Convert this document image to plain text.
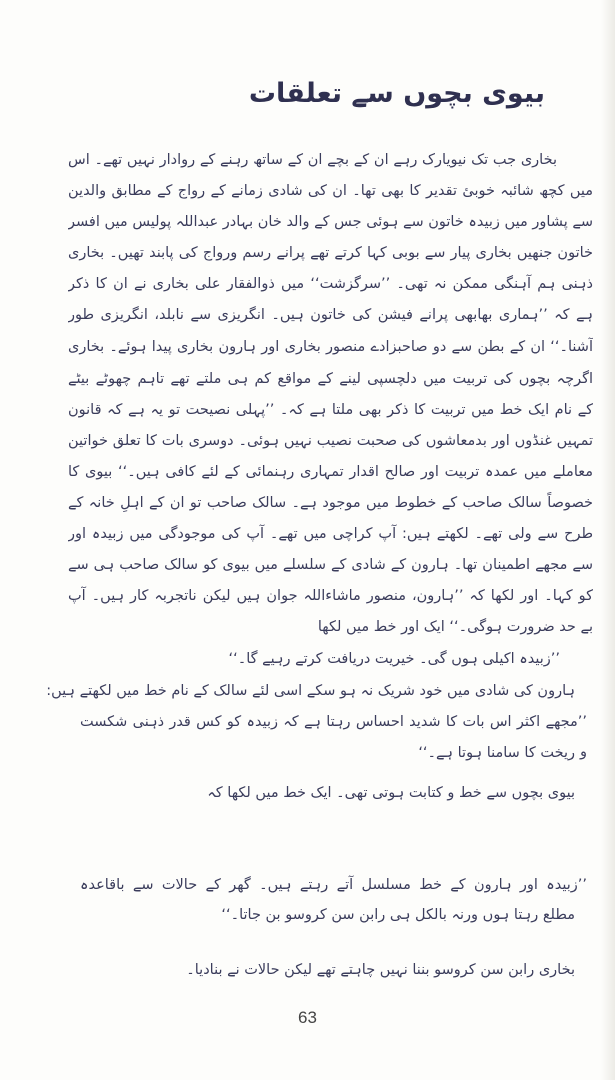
بیوی بچوں سے تعلقات
بخاری جب تک نیویارک رہے ان کے بچے ان کے ساتھ رہنے کے روادار نہیں تھے۔ اس
میں کچھ شائبہ خوبیٔ تقدیر کا بھی تھا۔ ان کی شادی زمانے کے رواج کے مطابق والدین
سے پشاور میں زبیدہ خاتون سے ہوئی جس کے والد خان بہادر عبداللہ پولیس میں افسر
خاتون جنھیں بخاری پیار سے بوبی کہا کرتے تھے پرانے رسم ورواج کی پابند تھیں۔ بخاری
ذہنی ہم آہنگی ممکن نہ تھی۔ ’’سرگزشت‘‘ میں ذوالفقار علی بخاری نے ان کا ذکر
ہے کہ ’’ہماری بھابھی پرانے فیشن کی خاتون ہیں۔ انگریزی سے نابلد، انگریزی طور
آشنا۔‘‘ ان کے بطن سے دو صاحبزادے منصور بخاری اور ہارون بخاری پیدا ہوئے۔ بخاری
اگرچہ بچوں کی تربیت میں دلچسپی لینے کے مواقع کم ہی ملتے تھے تاہم چھوٹے بیٹے
کے نام ایک خط میں تربیت کا ذکر بھی ملتا ہے کہ۔ ’’پہلی نصیحت تو یہ ہے کہ قانون
تمہیں غنڈوں اور بدمعاشوں کی صحبت نصیب نہیں ہوئی۔ دوسری بات کا تعلق خواتین
معاملے میں عمدہ تربیت اور صالح اقدار تمہاری رہنمائی کے لئے کافی ہیں۔‘‘ بیوی کا
خصوصاً سالک صاحب کے خطوط میں موجود ہے۔ سالک صاحب تو ان کے اہلِ خانہ کے
طرح سے ولی تھے۔ لکھتے ہیں: آپ کراچی میں تھے۔ آپ کی موجودگی میں زبیدہ اور
سے مجھے اطمینان تھا۔ ہارون کے شادی کے سلسلے میں بیوی کو سالک صاحب ہی سے
کو کہا۔ اور لکھا کہ ’’ہارون، منصور ماشاءاللہ جوان ہیں لیکن ناتجربہ کار ہیں۔ آپ
بے حد ضرورت ہوگی۔‘‘ ایک اور خط میں لکھا
’’زبیدہ اکیلی ہوں گی۔ خیریت دریافت کرتے رہیے گا۔‘‘
ہارون کی شادی میں خود شریک نہ ہو سکے اسی لئے سالک کے نام خط میں لکھتے ہیں:
’’مجھے اکثر اس بات کا شدید احساس رہتا ہے کہ زبیدہ کو کس قدر ذہنی شکست و
ریخت کا سامنا ہوتا ہے۔‘‘
بیوی بچوں سے خط و کتابت ہوتی تھی۔ ایک خط میں لکھا کہ
’’زبیدہ اور ہارون کے خط مسلسل آتے رہتے ہیں۔ گھر کے حالات سے باقاعدہ
مطلع رہتا ہوں ورنہ بالکل ہی رابن سن کروسو بن جاتا۔‘‘
بخاری رابن سن کروسو بننا نہیں چاہتے تھے لیکن حالات نے بنادیا۔
63
